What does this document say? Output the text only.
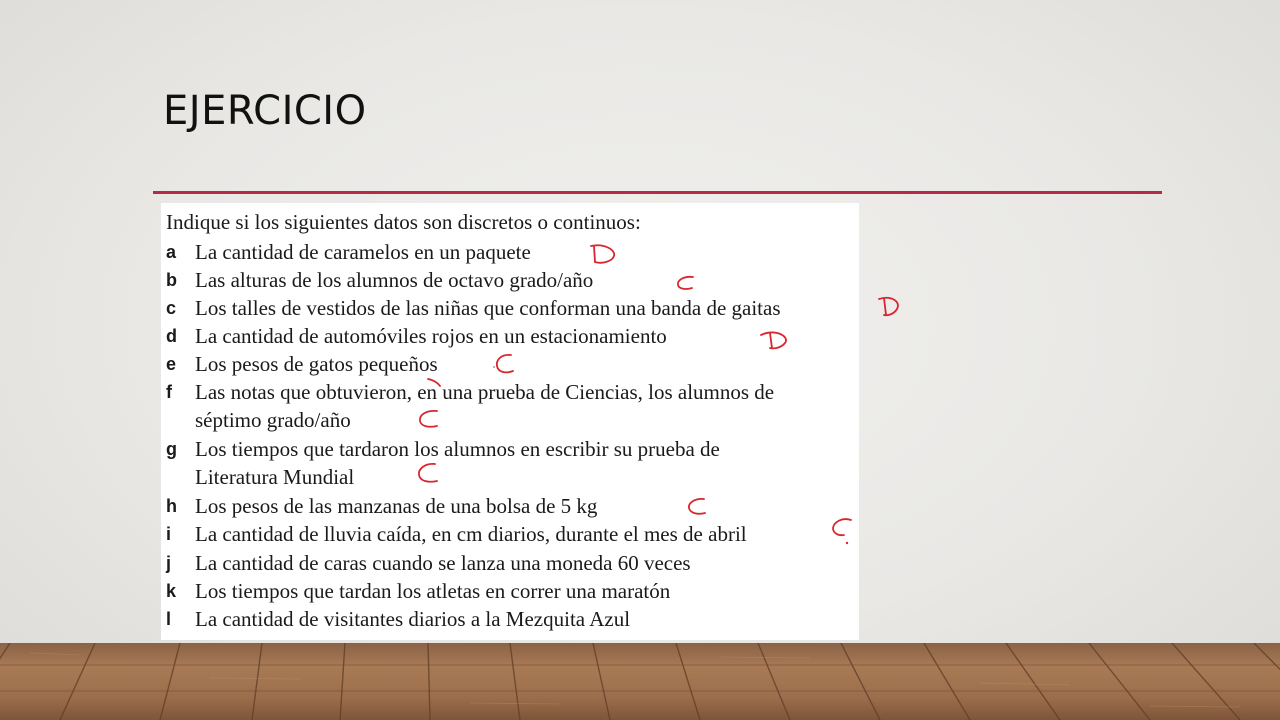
EJERCICIO
Indique si los siguientes datos son discretos o continuos:
a La cantidad de caramelos en un paquete
b Las alturas de los alumnos de octavo grado/año
c Los talles de vestidos de las niñas que conforman una banda de gaitas
d La cantidad de automóviles rojos en un estacionamiento
e Los pesos de gatos pequeños
f Las notas que obtuvieron, en una prueba de Ciencias, los alumnos de
séptimo grado/año
g Los tiempos que tardaron los alumnos en escribir su prueba de
Literatura Mundial
h Los pesos de las manzanas de una bolsa de 5 kg
i La cantidad de lluvia caída, en cm diarios, durante el mes de abril
j La cantidad de caras cuando se lanza una moneda 60 veces
k Los tiempos que tardan los atletas en correr una maratón
l La cantidad de visitantes diarios a la Mezquita Azul
